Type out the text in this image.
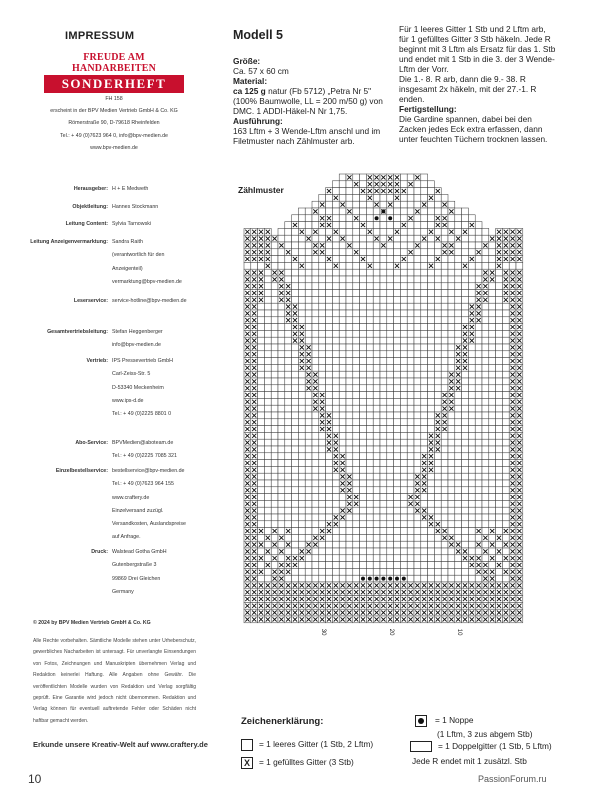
IMPRESSUM
FREUDE AM HANDARBEITEN
SONDERHEFT
FH 158
erscheint in der BPV Medien Vertrieb GmbH & Co. KG
Römerstraße 90, D-79618 Rheinfelden
Tel.: + 49 (0)7623 964 0, info@bpv-medien.de
www.bpv-medien.de
Herausgeber: H + E Medweth
Objektleitung: Hannes Stockmann
Leitung Content: Sylvia Tarnowski
Leitung Anzeigenvermarktung: Sandra Raith
(verantwortlich für den
Anzeigenteil)
vermarktung@bpv-medien.de
Leserservice: service-hotline@bpv-medien.de
Gesamtvertriebsleitung: Stefan Heggenberger
info@bpv-medien.de
Vertrieb: IPS Pressevertrieb GmbH
Carl-Zeiss-Str. 5
D-53340 Meckenheim
www.ips-d.de
Tel.: + 49 (0)2225 8801 0
Abo-Service: BPVMedien@aboteam.de
Tel.: + 49 (0)2225 7085 321
Einzelbestellservice: bestellservice@bpv-medien.de
Tel.: + 49 (0)7623 964 155
www.craftery.de
Einzelversand zuzügl.
Versandkosten, Auslandspreise
auf Anfrage.
Druck: Walstead Gotha GmbH
Gutenbergstraße 3
99869 Drei Gleichen
Germany
© 2024 by BPV Medien Vertrieb GmbH & Co. KG
Alle Rechte vorbehalten. Sämtliche Modelle stehen unter Urheberschutz, gewerbliches Nacharbeiten ist untersagt. Für unverlangte Einsendungen von Fotos, Zeichnungen und Manuskripten übernehmen Verlag und Redaktion keinerlei Haftung. Alle Angaben ohne Gewähr. Die veröffentlichten Modelle wurden von Redaktion und Verlag sorgfältig geprüft. Eine Garantie wird jedoch nicht übernommen. Redaktion und Verlag können für eventuell auftretende Fehler oder Schäden nicht haftbar gemacht werden.
Erkunde unsere Kreativ-Welt auf www.craftery.de
10
Modell 5
Größe:
Ca. 57 x 60 cm
Material:
ca 125 g natur (Fb 5712) „Petra Nr 5" (100% Baumwolle, LL = 200 m/50 g) von DMC. 1 ADDI-Häkel-N Nr 1,75.
Ausführung:
163 Lftm + 3 Wende-Lftm anschl und im Filetmuster nach Zählmuster arb.
Für 1 leeres Gitter 1 Stb und 2 Lftm arb, für 1 gefülltes Gitter 3 Stb häkeln. Jede R beginnt mit 3 Lftm als Ersatz für das 1. Stb und endet mit 1 Stb in die 3. der 3 Wende-Lftm der Vorr.
Die 1.- 8. R arb, dann die 9.- 38. R insgesamt 2x häkeln, mit der 27.-1. R enden.
Fertigstellung:
Die Gardine spannen, dabei bei den Zacken jedes Eck extra erfassen, dann unter feuchten Tüchern trocknen lassen.
10
20
30
Zählmuster
Zeichenerklärung:
= 1 leeres Gitter (1 Stb, 2 Lftm)
X = 1 gefülltes Gitter (3 Stb)
= 1 Noppe
(1 Lftm, 3 zus abgem Stb)
= 1 Doppelgitter (1 Stb, 5 Lftm)
Jede R endet mit 1 zusätzl. Stb
PassionForum.ru
